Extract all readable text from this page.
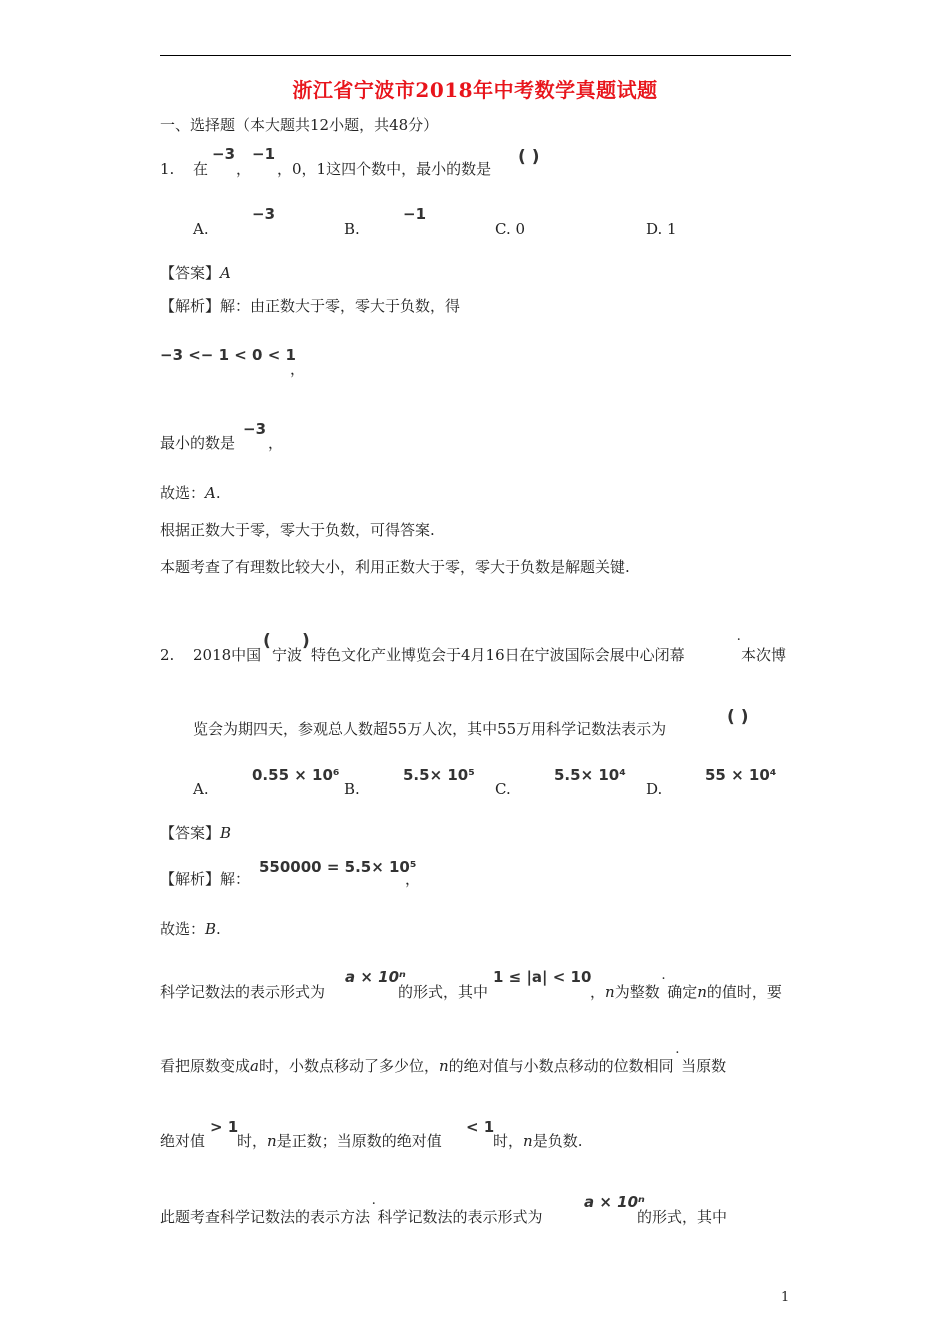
浙江省宁波市2018年中考数学真题试题
一、选择题（本大题共12小题，共48分）
1. 在
−3
，
−1
，0，1这四个数中，最小的数是
( )
A.
−3
B.
−1
C. 0	D. 1
【答案】A
【解析】解：由正数大于零，零大于负数，得
−3 <− 1 < 0 < 1
，
最小的数是
−3
，
故选：A.
根据正数大于零，零大于负数，可得答案.
本题考查了有理数比较大小，利用正数大于零，零大于负数是解题关键.
2. 2018中国
(
宁波
)
特色文化产业博览会于4月16日在宁波国际会展中心闭幕
˙
本次博
览会为期四天，参观总人数超55万人次，其中55万用科学记数法表示为
( )
A.
0.55 × 10⁶
B.
5.5× 10⁵
C.
5.5× 10⁴
D.
55 × 10⁴
【答案】B
【解析】解：
550000 = 5.5× 10⁵
，
故选：B.
科学记数法的表示形式为
a × 10ⁿ
的形式，其中
1 ≤ |a| < 10
，n为整数˙确定n的值时，要
看把原数变成a时，小数点移动了多少位，n的绝对值与小数点移动的位数相同˙当原数
绝对值
> 1
时，n是正数；当原数的绝对值
< 1
时，n是负数.
此题考查科学记数法的表示方法˙科学记数法的表示形式为
a × 10ⁿ
的形式，其中
1
